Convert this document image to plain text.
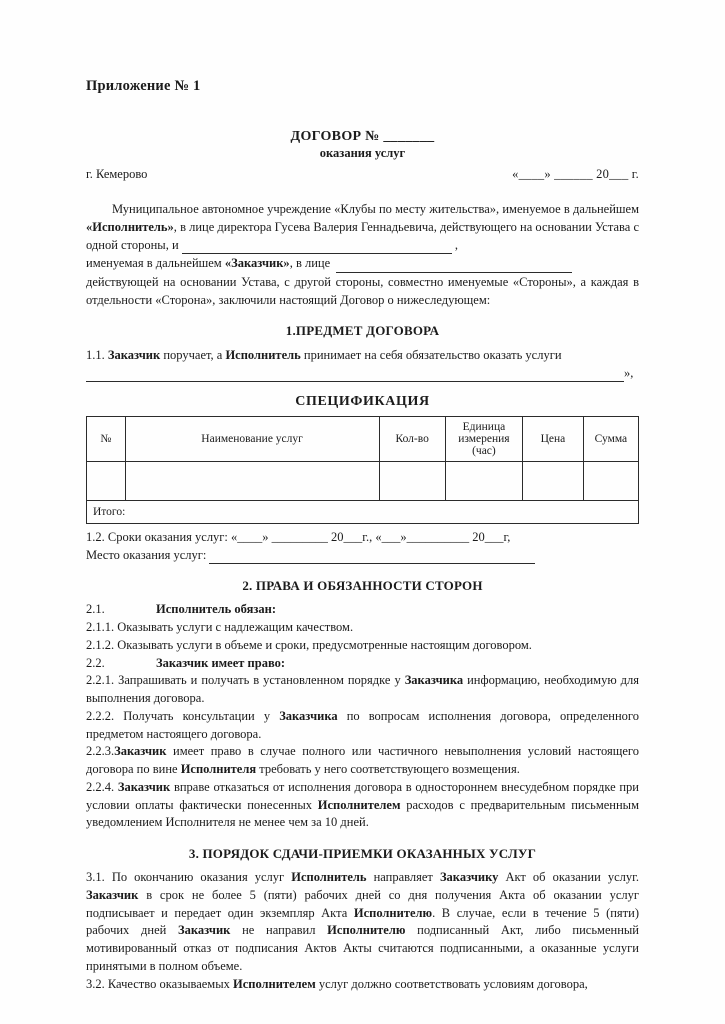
Приложение № 1
ДОГОВОР № _______
оказания услуг
г. Кемерово	«____» ______ 20___ г.

Муниципальное автономное учреждение «Клубы по месту жительства», именуемое в дальнейшем «Исполнитель», в лице директора Гусева Валерия Геннадьевича, действующего на основании Устава с одной стороны, и	,

именуемая в дальнейшем «Заказчик», в лице

действующей на основании Устава, с другой стороны, совместно именуемые «Стороны», а каждая в отдельности «Сторона», заключили настоящий Договор о нижеследующем:

1.ПРЕДМЕТ ДОГОВОРА

1.1. Заказчик поручает, а Исполнитель принимает на себя обязательство оказать услуги

»,

СПЕЦИФИКАЦИЯ
№	Наименование услуг	Кол-во	Единица измерения (час)	Цена	Сумма

Итого:					

1.2. Сроки оказания услуг: «____» _________ 20___г., «___»__________ 20___г,

Место оказания услуг:

2. ПРАВА И ОБЯЗАННОСТИ СТОРОН

2.1.	Исполнитель обязан:

2.1.1. Оказывать услуги с надлежащим качеством.

2.1.2. Оказывать услуги в объеме и сроки, предусмотренные настоящим договором.

2.2.	Заказчик имеет право:

2.2.1. Запрашивать и получать в установленном порядке у Заказчика информацию, необходимую для выполнения договора.

2.2.2. Получать консультации у Заказчика по вопросам исполнения договора, определенного предметом настоящего договора.

2.2.3.Заказчик имеет право в случае полного или частичного невыполнения условий настоящего договора по вине Исполнителя требовать у него соответствующего возмещения.

2.2.4. Заказчик вправе отказаться от исполнения договора в одностороннем внесудебном порядке при условии оплаты фактически понесенных Исполнителем расходов с предварительным письменным уведомлением Исполнителя не менее чем за 10 дней.

3. ПОРЯДОК СДАЧИ-ПРИЕМКИ ОКАЗАННЫХ УСЛУГ

3.1. По окончанию оказания услуг Исполнитель направляет Заказчику Акт об оказании услуг. Заказчик в срок не более 5 (пяти) рабочих дней со дня получения Акта об оказании услуг подписывает и передает один экземпляр Акта Исполнителю. В случае, если в течение 5 (пяти) рабочих дней Заказчик не направил Исполнителю подписанный Акт, либо письменный мотивированный отказ от подписания Актов Акты считаются подписанными, а оказанные услуги принятыми в полном объеме.

3.2. Качество оказываемых Исполнителем услуг должно соответствовать условиям договора,
